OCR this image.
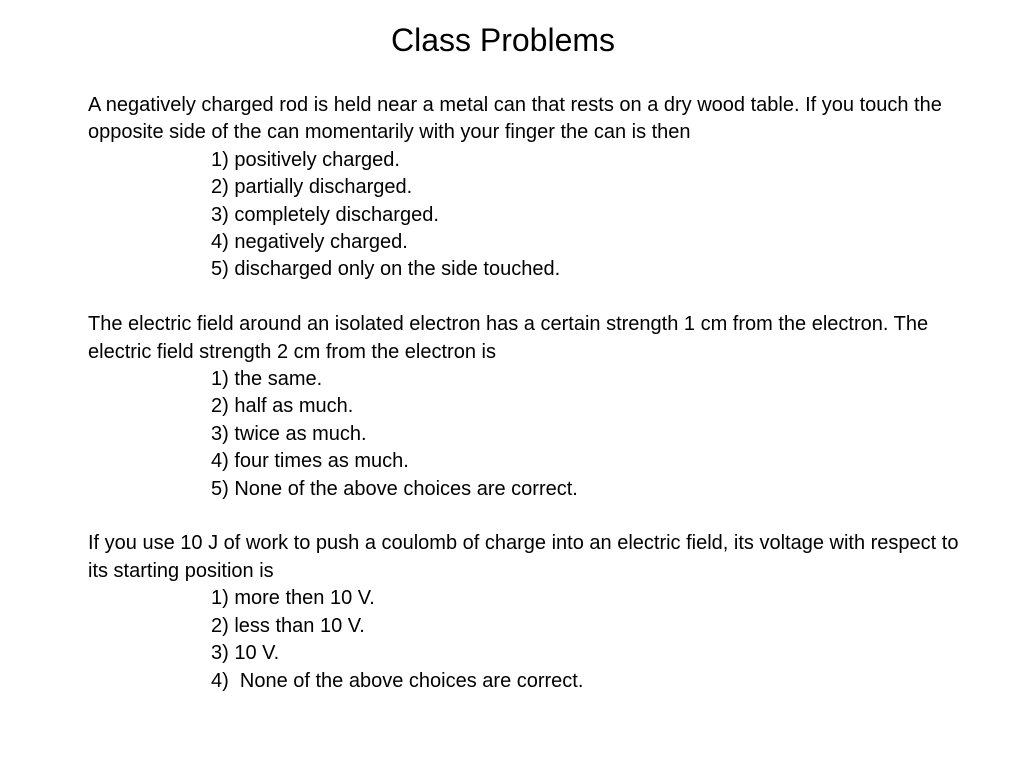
Class Problems

A negatively charged rod is held near a metal can that rests on a dry wood table. If you touch the opposite side of the can momentarily with your finger the can is then

1) positively charged.
2) partially discharged.
3) completely discharged.
4) negatively charged.
5) discharged only on the side touched.

The electric field around an isolated electron has a certain strength 1 cm from the electron. The electric field strength 2 cm from the electron is

1) the same.
2) half as much.
3) twice as much.
4) four times as much.
5) None of the above choices are correct.

If you use 10 J of work to push a coulomb of charge into an electric field, its voltage with respect to its starting position is

1) more then 10 V.
2) less than 10 V.
3) 10 V.
4)  None of the above choices are correct.
